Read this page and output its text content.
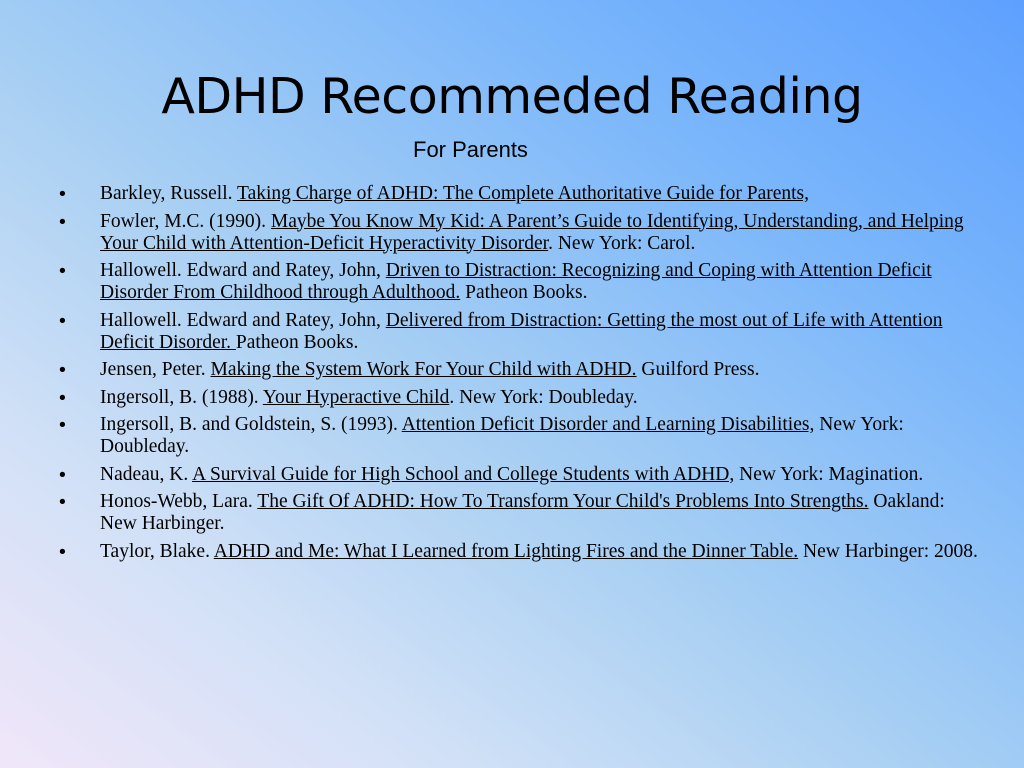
ADHD Recommeded Reading
For Parents
• Barkley, Russell. Taking Charge of ADHD: The Complete Authoritative Guide for Parents,
• Fowler, M.C. (1990). Maybe You Know My Kid: A Parent’s Guide to Identifying, Understanding, and Helping Your Child with Attention-Deficit Hyperactivity Disorder. New York: Carol.
• Hallowell. Edward and Ratey, John, Driven to Distraction: Recognizing and Coping with Attention Deficit Disorder From Childhood through Adulthood. Patheon Books.
• Hallowell. Edward and Ratey, John, Delivered from Distraction: Getting the most out of Life with Attention Deficit Disorder. Patheon Books.
• Jensen, Peter. Making the System Work For Your Child with ADHD. Guilford Press.
• Ingersoll, B. (1988). Your Hyperactive Child. New York: Doubleday.
• Ingersoll, B. and Goldstein, S. (1993). Attention Deficit Disorder and Learning Disabilities, New York: Doubleday.
• Nadeau, K. A Survival Guide for High School and College Students with ADHD, New York: Magination.
• Honos-Webb, Lara. The Gift Of ADHD: How To Transform Your Child's Problems Into Strengths. Oakland: New Harbinger.
• Taylor, Blake. ADHD and Me: What I Learned from Lighting Fires and the Dinner Table. New Harbinger: 2008.
